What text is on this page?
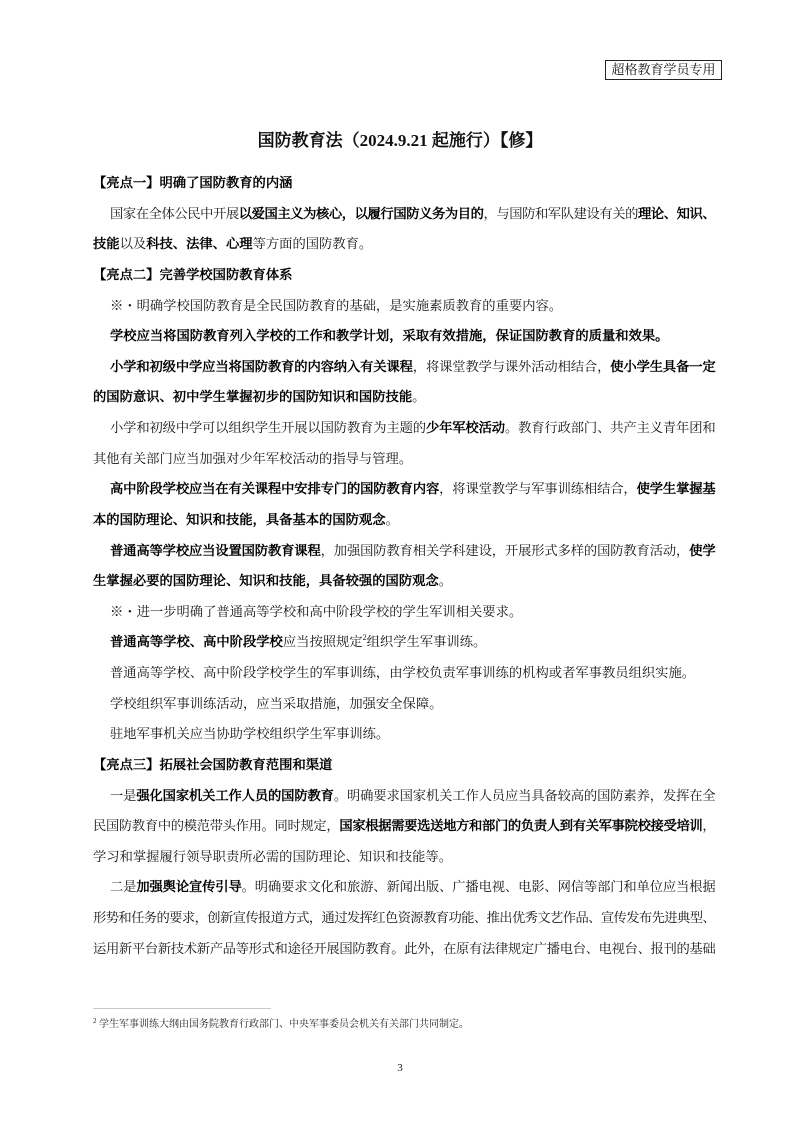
超格教育学员专用
国防教育法（2024.9.21 起施行）【修】
【亮点一】明确了国防教育的内涵
国家在全体公民中开展以爱国主义为核心，以履行国防义务为目的，与国防和军队建设有关的理论、知识、
技能以及科技、法律、心理等方面的国防教育。
【亮点二】完善学校国防教育体系
※・明确学校国防教育是全民国防教育的基础，是实施素质教育的重要内容。
学校应当将国防教育列入学校的工作和教学计划，采取有效措施，保证国防教育的质量和效果。
小学和初级中学应当将国防教育的内容纳入有关课程，将课堂教学与课外活动相结合，使小学生具备一定
的国防意识、初中学生掌握初步的国防知识和国防技能。
小学和初级中学可以组织学生开展以国防教育为主题的少年军校活动。教育行政部门、共产主义青年团和
其他有关部门应当加强对少年军校活动的指导与管理。
高中阶段学校应当在有关课程中安排专门的国防教育内容，将课堂教学与军事训练相结合，使学生掌握基
本的国防理论、知识和技能，具备基本的国防观念。
普通高等学校应当设置国防教育课程，加强国防教育相关学科建设，开展形式多样的国防教育活动，使学
生掌握必要的国防理论、知识和技能，具备较强的国防观念。
※・进一步明确了普通高等学校和高中阶段学校的学生军训相关要求。
普通高等学校、高中阶段学校应当按照规定$^2$组织学生军事训练。
普通高等学校、高中阶段学校学生的军事训练，由学校负责军事训练的机构或者军事教员组织实施。
学校组织军事训练活动，应当采取措施，加强安全保障。
驻地军事机关应当协助学校组织学生军事训练。
【亮点三】拓展社会国防教育范围和渠道
一是强化国家机关工作人员的国防教育。明确要求国家机关工作人员应当具备较高的国防素养，发挥在全
民国防教育中的模范带头作用。同时规定，国家根据需要选送地方和部门的负责人到有关军事院校接受培训，
学习和掌握履行领导职责所必需的国防理论、知识和技能等。
二是加强舆论宣传引导。明确要求文化和旅游、新闻出版、广播电视、电影、网信等部门和单位应当根据
形势和任务的要求，创新宣传报道方式，通过发挥红色资源教育功能、推出优秀文艺作品、宣传发布先进典型、
运用新平台新技术新产品等形式和途径开展国防教育。此外，在原有法律规定广播电台、电视台、报刊的基础
$^2$ 学生军事训练大纲由国务院教育行政部门、中央军事委员会机关有关部门共同制定。
3
